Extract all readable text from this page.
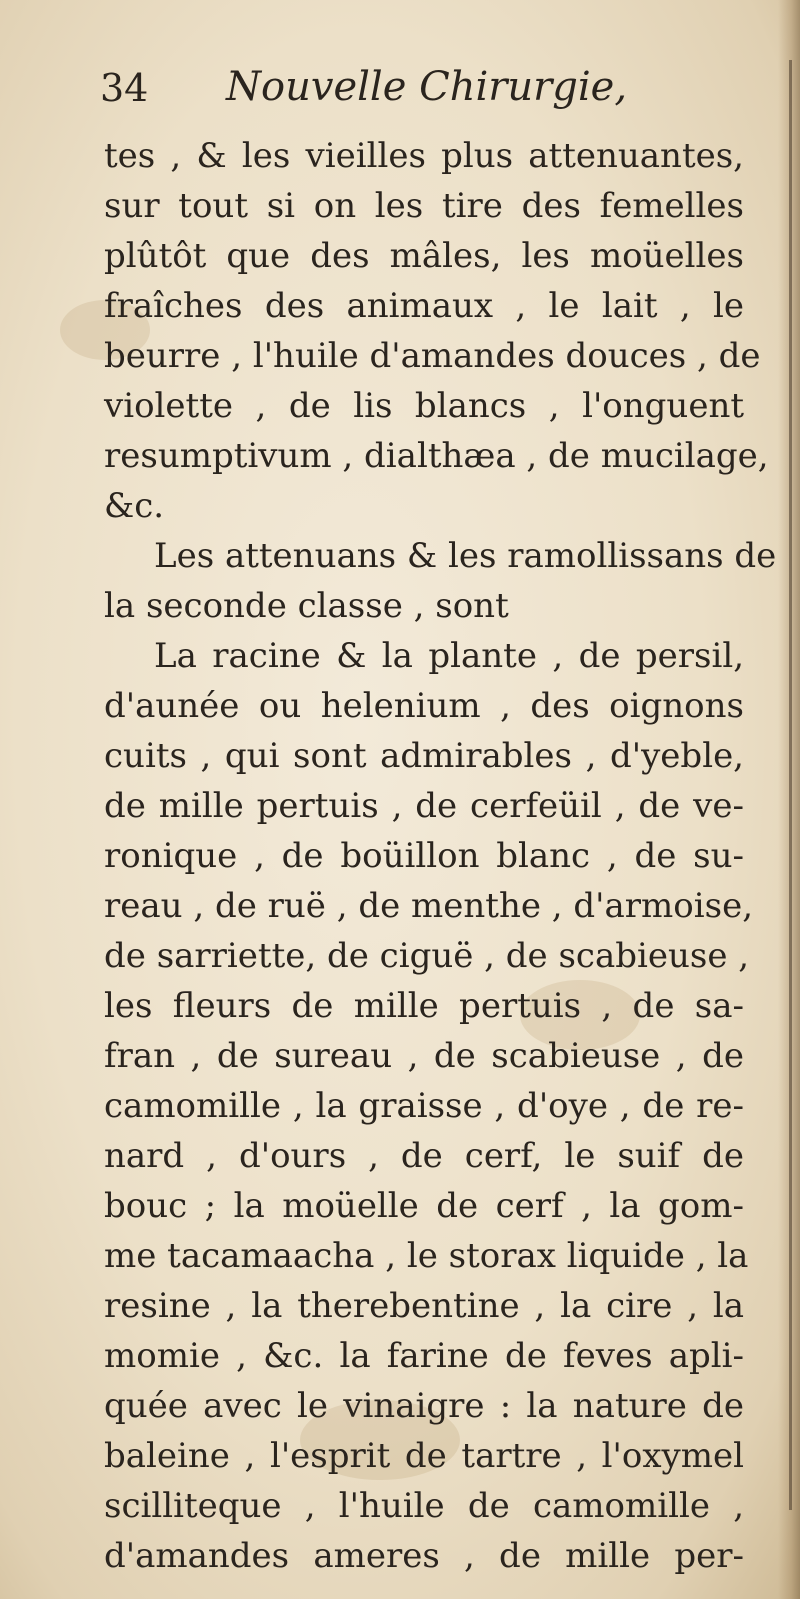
34 Nouvelle Chirurgie,
tes , & les vieilles plus attenuantes,
sur tout si on les tire des femelles
plûtôt que des mâles, les moüelles
fraîches des animaux , le lait , le
beurre , l'huile d'amandes douces , de
violette , de lis blancs , l'onguent
resumptivum , dialthæa , de mucilage,
&c.
Les attenuans & les ramollissans de
la seconde classe , sont
La racine & la plante , de persil,
d'aunée ou helenium , des oignons
cuits , qui sont admirables , d'yeble,
de mille pertuis , de cerfeüil , de ve-
ronique , de boüillon blanc , de su-
reau , de ruë , de menthe , d'armoise,
de sarriette, de ciguë , de scabieuse ,
les fleurs de mille pertuis , de sa-
fran , de sureau , de scabieuse , de
camomille , la graisse , d'oye , de re-
nard , d'ours , de cerf, le suif de
bouc ; la moüelle de cerf , la gom-
me tacamaacha , le storax liquide , la
resine , la therebentine , la cire , la
momie , &c. la farine de feves apli-
quée avec le vinaigre : la nature de
baleine , l'esprit de tartre , l'oxymel
scilliteque , l'huile de camomille ,
d'amandes ameres , de mille per-
